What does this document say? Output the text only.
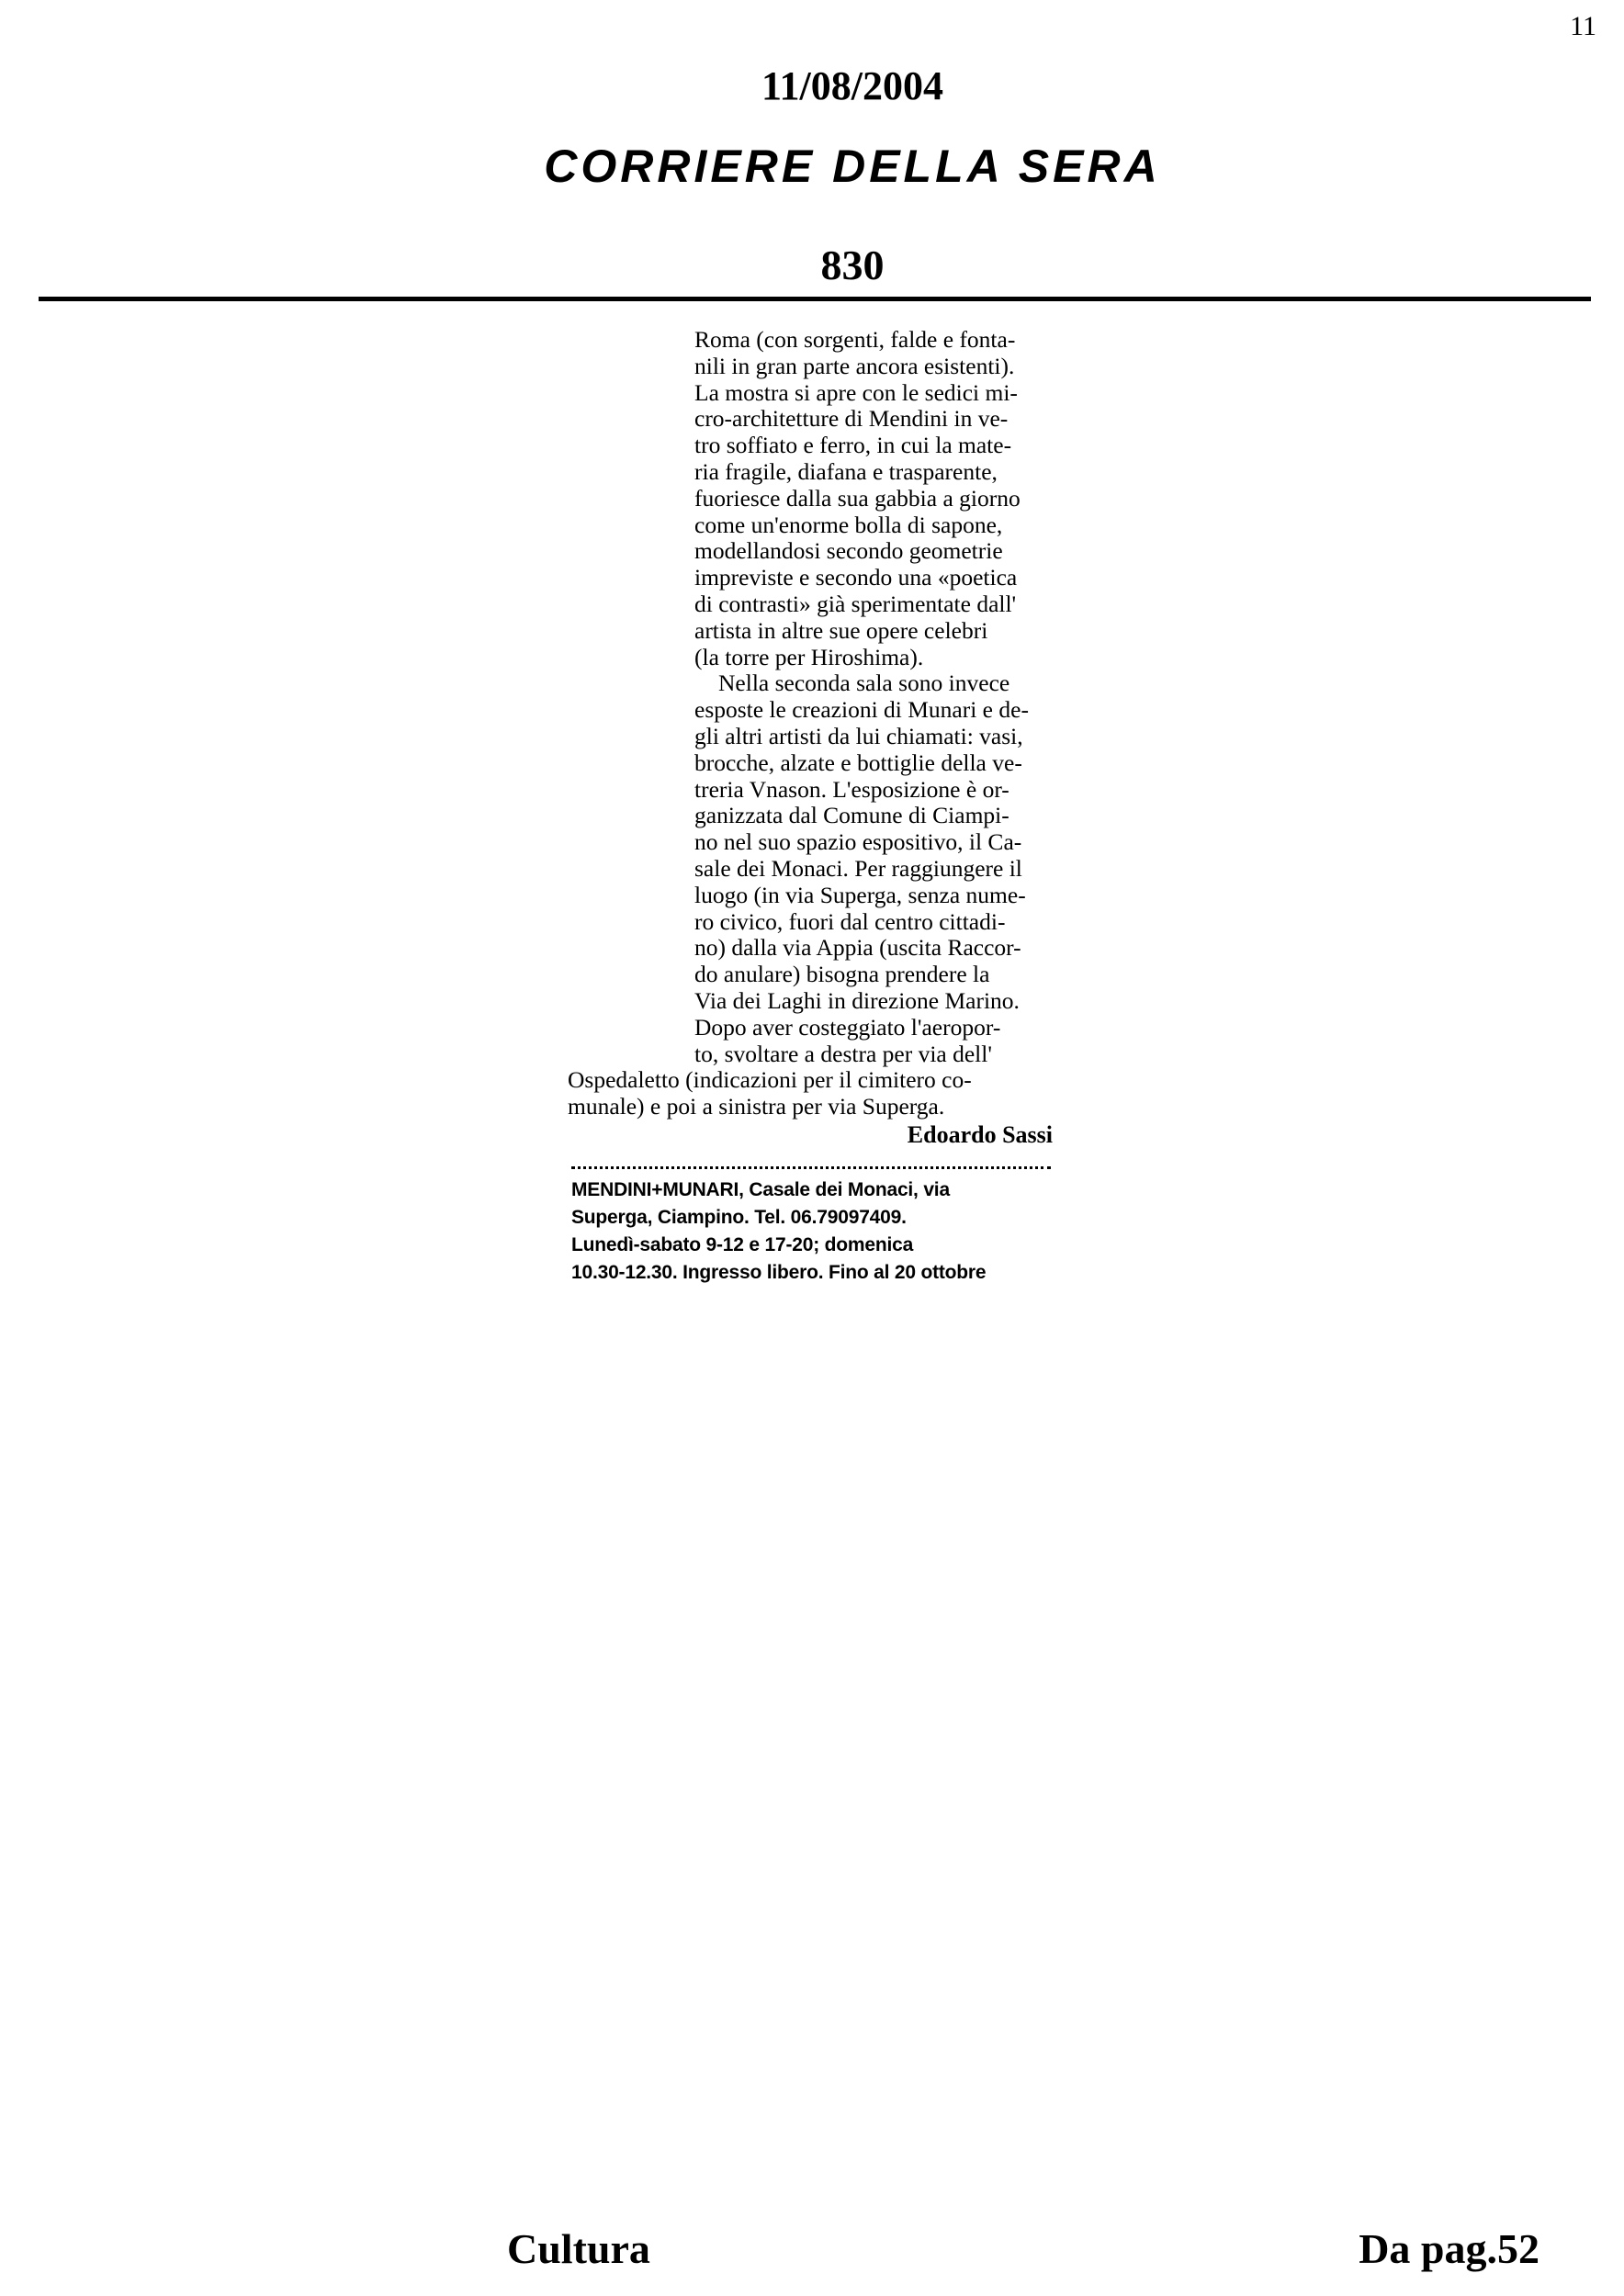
11
11/08/2004
CORRIERE DELLA SERA
830
Roma (con sorgenti, falde e fonta-
nili in gran parte ancora esistenti).
La mostra si apre con le sedici mi-
cro-architetture di Mendini in ve-
tro soffiato e ferro, in cui la mate-
ria fragile, diafana e trasparente,
fuoriesce dalla sua gabbia a giorno
come un'enorme bolla di sapone,
modellandosi secondo geometrie
impreviste e secondo una «poetica
di contrasti» già sperimentate dall'
artista in altre sue opere celebri
(la torre per Hiroshima).
Nella seconda sala sono invece
esposte le creazioni di Munari e de-
gli altri artisti da lui chiamati: vasi,
brocche, alzate e bottiglie della ve-
treria Vnason. L'esposizione è or-
ganizzata dal Comune di Ciampi-
no nel suo spazio espositivo, il Ca-
sale dei Monaci. Per raggiungere il
luogo (in via Superga, senza nume-
ro civico, fuori dal centro cittadi-
no) dalla via Appia (uscita Raccor-
do anulare) bisogna prendere la
Via dei Laghi in direzione Marino.
Dopo aver costeggiato l'aeropor-
to, svoltare a destra per via dell'
Ospedaletto (indicazioni per il cimitero co-
munale) e poi a sinistra per via Superga.
Edoardo Sassi
MENDINI+MUNARI, Casale dei Monaci, via
Superga, Ciampino. Tel. 06.79097409.
Lunedì-sabato 9-12 e 17-20; domenica
10.30-12.30. Ingresso libero. Fino al 20 ottobre
Cultura	Da pag.52
